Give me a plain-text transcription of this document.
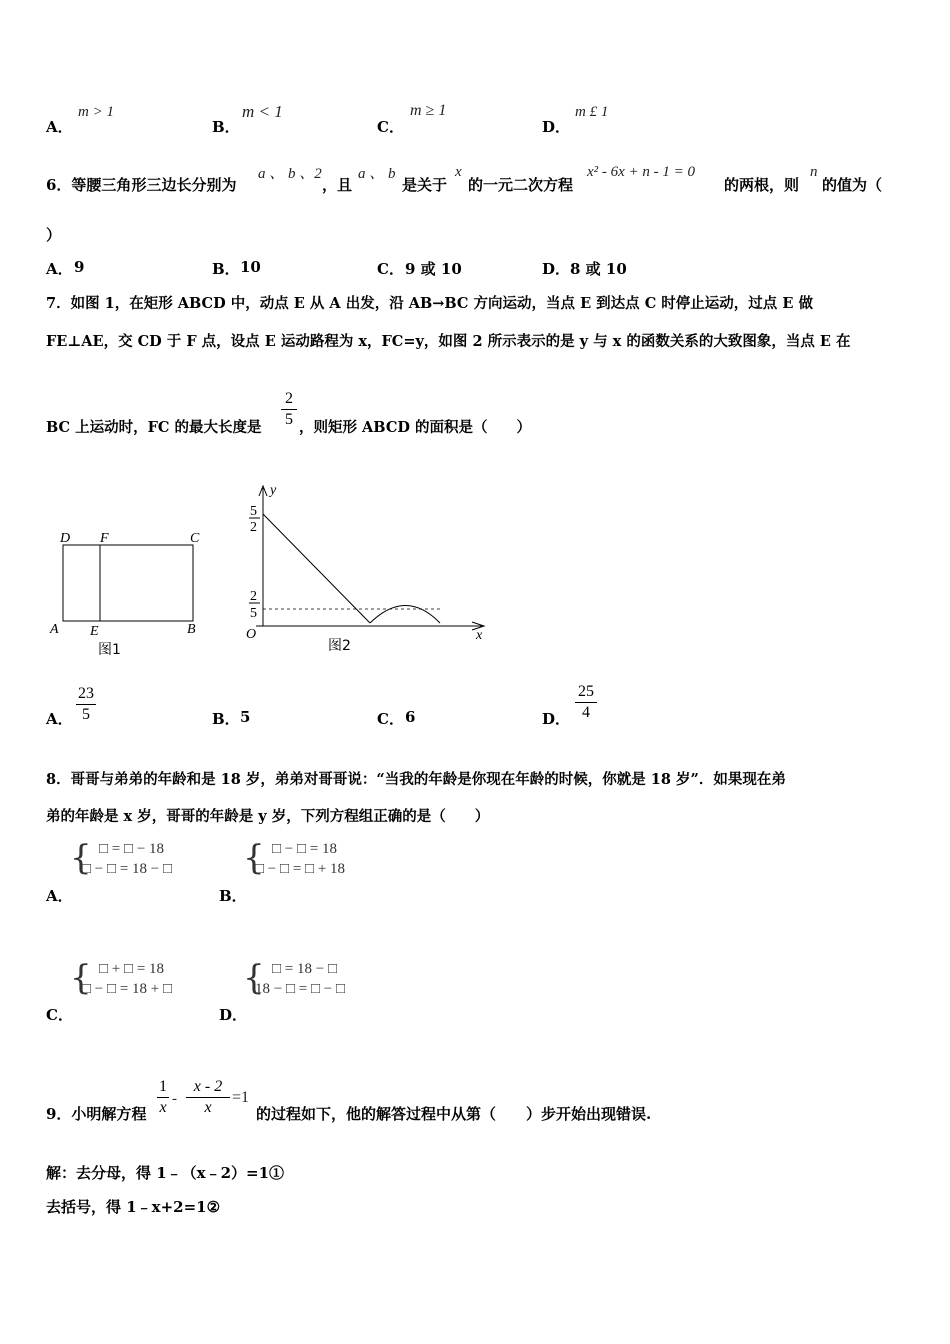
A．
m > 1
B．
m < 1
C．
m ≥ 1
D．
m £ 1
6．等腰三角形三边长分别为
a 、 b 、2
，且
a 、 b
是关于
x
的一元二次方程
x² - 6x + n - 1 = 0
的两根，则
n
的值为（
）
A． 9	B． 10	C． 9 或 10	D． 8 或 10
7．如图 1，在矩形 ABCD 中，动点 E 从 A 出发，沿 AB→BC 方向运动，当点 E 到达点 C 时停止运动，过点 E 做
FE⊥AE，交 CD 于 F 点，设点 E 运动路程为 x，FC=y，如图 2 所示表示的是 y 与 x 的函数关系的大致图象，当点 E 在
BC 上运动时，FC 的最大长度是
2
5 ，则矩形 ABCD 的面积是（　　）
D F	C
A E	B
图1
y
x
O
5
2
2
5
图2
A．
23
5	B． 5	C． 6	D．
25
4
8．哥哥与弟弟的年龄和是 18 岁，弟弟对哥哥说：“当我的年龄是你现在年龄的时候，你就是 18 岁”．如果现在弟
弟的年龄是 x 岁，哥哥的年龄是 y 岁，下列方程组正确的是（　　）
{ □ = □ − 18
□ − □ = 18 − □
A．
{ □ − □ = 18
□ − □ = □ + 18
B．
{ □ + □ = 18
□ − □ = 18 + □
C．
{ □ = 18 − □
18 − □ = □ − □
D．
9．小明解方程
1
x -
x - 2
x
=1
的过程如下，他的解答过程中从第（　　）步开始出现错误.
解：去分母，得 1﹣（x﹣2）=1①
去括号，得 1﹣x+2=1②
